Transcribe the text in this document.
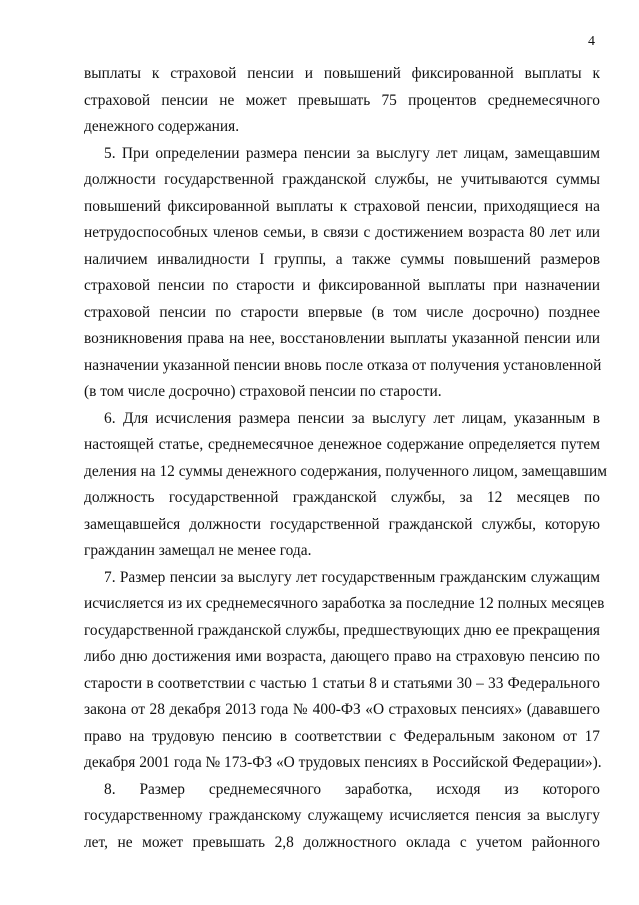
4
выплаты к страховой пенсии и повышений фиксированной выплаты к
страховой пенсии не может превышать 75 процентов среднемесячного
денежного содержания.
5. При определении размера пенсии за выслугу лет лицам, замещавшим
должности государственной гражданской службы, не учитываются суммы
повышений фиксированной выплаты к страховой пенсии, приходящиеся на
нетрудоспособных членов семьи, в связи с достижением возраста 80 лет или
наличием инвалидности I группы, а также суммы повышений размеров
страховой пенсии по старости и фиксированной выплаты при назначении
страховой пенсии по старости впервые (в том числе досрочно) позднее
возникновения права на нее, восстановлении выплаты указанной пенсии или
назначении указанной пенсии вновь после отказа от получения установленной
(в том числе досрочно) страховой пенсии по старости.
6. Для исчисления размера пенсии за выслугу лет лицам, указанным в
настоящей статье, среднемесячное денежное содержание определяется путем
деления на 12 суммы денежного содержания, полученного лицом, замещавшим
должность государственной гражданской службы, за 12 месяцев по
замещавшейся должности государственной гражданской службы, которую
гражданин замещал не менее года.
7. Размер пенсии за выслугу лет государственным гражданским служащим
исчисляется из их среднемесячного заработка за последние 12 полных месяцев
государственной гражданской службы, предшествующих дню ее прекращения
либо дню достижения ими возраста, дающего право на страховую пенсию по
старости в соответствии с частью 1 статьи 8 и статьями 30 – 33 Федерального
закона от 28 декабря 2013 года № 400-ФЗ «О страховых пенсиях» (дававшего
право на трудовую пенсию в соответствии с Федеральным законом от 17
декабря 2001 года № 173-ФЗ «О трудовых пенсиях в Российской Федерации»).
8. Размер среднемесячного заработка, исходя из которого
государственному гражданскому служащему исчисляется пенсия за выслугу
лет, не может превышать 2,8 должностного оклада с учетом районного
